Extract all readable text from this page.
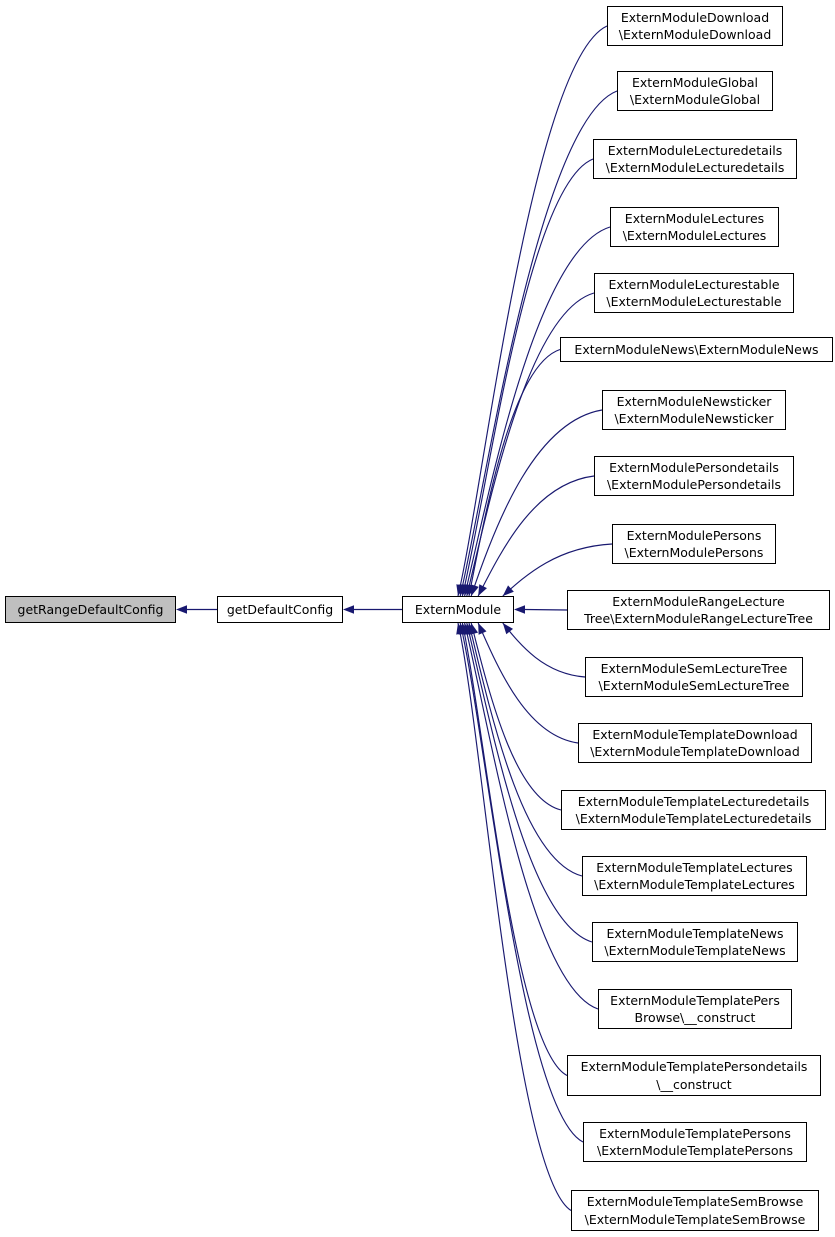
getRangeDefaultConfig	getDefaultConfig	ExternModule
ExternModuleDownload
\ExternModuleDownload
ExternModuleGlobal
\ExternModuleGlobal
ExternModuleLecturedetails
\ExternModuleLecturedetails
ExternModuleLectures
\ExternModuleLectures
ExternModuleLecturestable
\ExternModuleLecturestable
ExternModuleNews\ExternModuleNews
ExternModuleNewsticker
\ExternModuleNewsticker
ExternModulePersondetails
\ExternModulePersondetails
ExternModulePersons
\ExternModulePersons
ExternModuleRangeLecture
Tree\ExternModuleRangeLectureTree
ExternModuleSemLectureTree
\ExternModuleSemLectureTree
ExternModuleTemplateDownload
\ExternModuleTemplateDownload
ExternModuleTemplateLecturedetails
\ExternModuleTemplateLecturedetails
ExternModuleTemplateLectures
\ExternModuleTemplateLectures
ExternModuleTemplateNews
\ExternModuleTemplateNews
ExternModuleTemplatePers
Browse\__construct
ExternModuleTemplatePersondetails
\__construct
ExternModuleTemplatePersons
\ExternModuleTemplatePersons
ExternModuleTemplateSemBrowse
\ExternModuleTemplateSemBrowse
